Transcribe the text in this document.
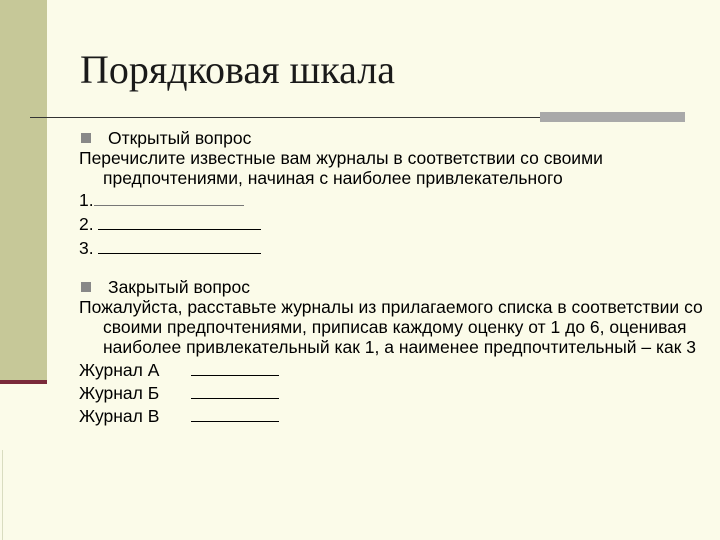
Порядковая шкала
Открытый вопрос
Перечислите известные вам журналы в соответствии со своими предпочтениями, начиная с наиболее привлекательного
1.
2.
3.
Закрытый вопрос
Пожалуйста, расставьте журналы из прилагаемого списка в соответствии со своими предпочтениями, приписав каждому оценку от 1 до 6, оценивая наиболее привлекательный как 1, а наименее предпочтительный – как 3
Журнал А
Журнал Б
Журнал В
